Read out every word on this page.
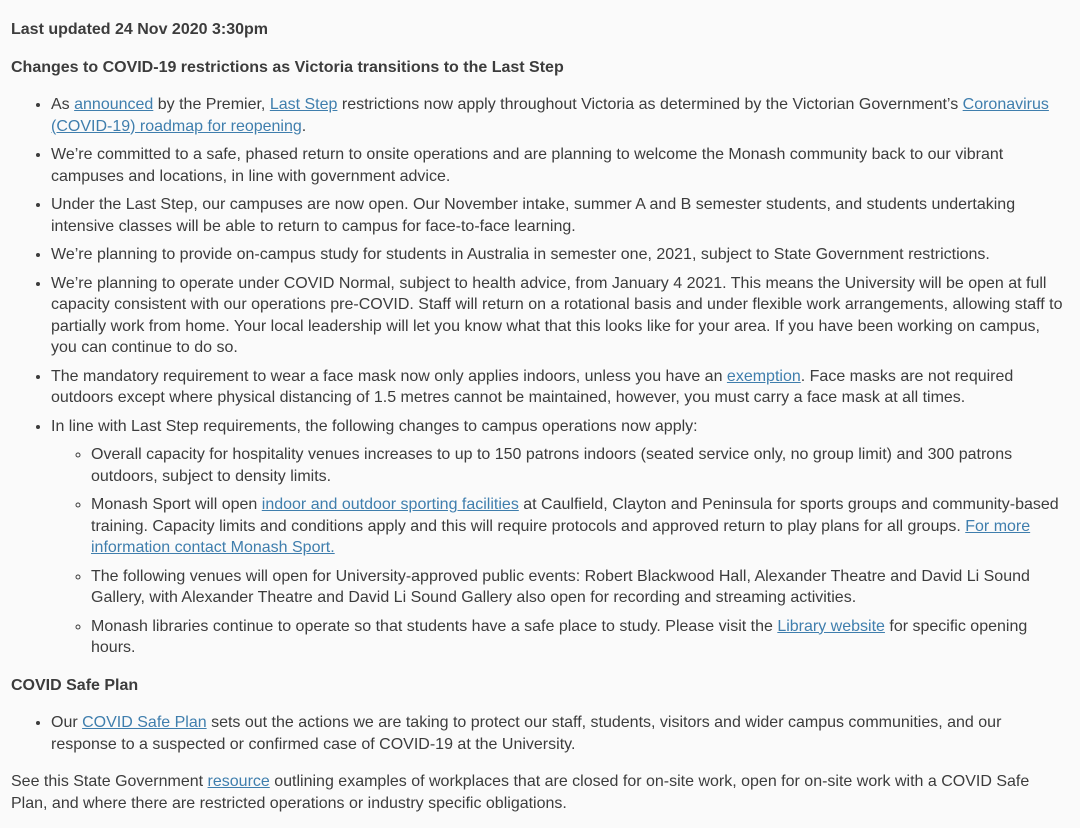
Last updated 24 Nov 2020 3:30pm

Changes to COVID-19 restrictions as Victoria transitions to the Last Step

• As announced by the Premier, Last Step restrictions now apply throughout Victoria as determined by the Victorian Government’s Coronavirus (COVID-19) roadmap for reopening.
• We’re committed to a safe, phased return to onsite operations and are planning to welcome the Monash community back to our vibrant campuses and locations, in line with government advice.
• Under the Last Step, our campuses are now open. Our November intake, summer A and B semester students, and students undertaking intensive classes will be able to return to campus for face-to-face learning.
• We’re planning to provide on-campus study for students in Australia in semester one, 2021, subject to State Government restrictions.
• We’re planning to operate under COVID Normal, subject to health advice, from January 4 2021. This means the University will be open at full capacity consistent with our operations pre-COVID. Staff will return on a rotational basis and under flexible work arrangements, allowing staff to partially work from home. Your local leadership will let you know what that this looks like for your area. If you have been working on campus, you can continue to do so.
• The mandatory requirement to wear a face mask now only applies indoors, unless you have an exemption. Face masks are not required outdoors except where physical distancing of 1.5 metres cannot be maintained, however, you must carry a face mask at all times.
• In line with Last Step requirements, the following changes to campus operations now apply:
◦ Overall capacity for hospitality venues increases to up to 150 patrons indoors (seated service only, no group limit) and 300 patrons outdoors, subject to density limits.
◦ Monash Sport will open indoor and outdoor sporting facilities at Caulfield, Clayton and Peninsula for sports groups and community-based training. Capacity limits and conditions apply and this will require protocols and approved return to play plans for all groups. For more information contact Monash Sport.
◦ The following venues will open for University-approved public events: Robert Blackwood Hall, Alexander Theatre and David Li Sound Gallery, with Alexander Theatre and David Li Sound Gallery also open for recording and streaming activities.
◦ Monash libraries continue to operate so that students have a safe place to study. Please visit the Library website for specific opening hours.

COVID Safe Plan

• Our COVID Safe Plan sets out the actions we are taking to protect our staff, students, visitors and wider campus communities, and our response to a suspected or confirmed case of COVID-19 at the University.

See this State Government resource outlining examples of workplaces that are closed for on-site work, open for on-site work with a COVID Safe Plan, and where there are restricted operations or industry specific obligations.
